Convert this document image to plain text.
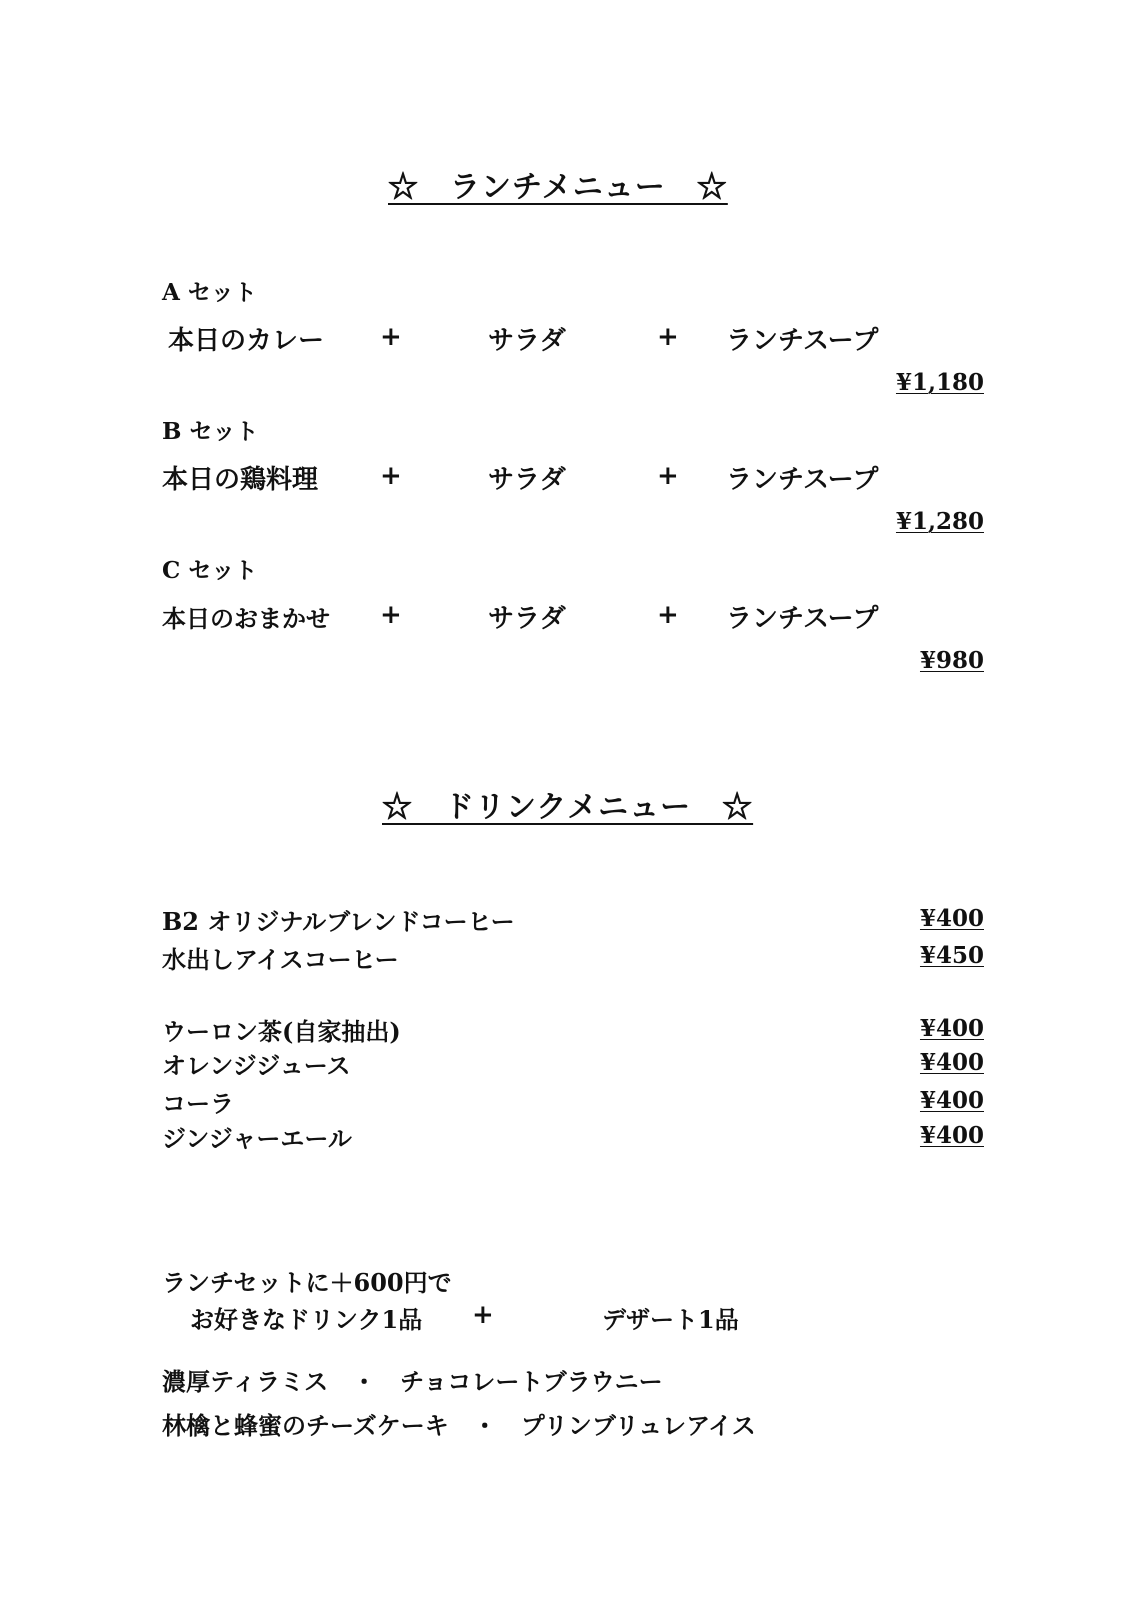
☆　ランチメニュー　☆
A セット
本日のカレー +	サラダ	+ ランチスープ
¥1,180
B セット
本日の鶏料理 +	サラダ	+ ランチスープ
¥1,280
C セット
本日のおまかせ +	サラダ	+ ランチスープ
¥980
☆　ドリンクメニュー　☆
B2 オリジナルブレンドコーヒー	¥400
水出しアイスコーヒー	¥450
ウーロン茶(自家抽出)	¥400
オレンジジュース	¥400
コーラ	¥400
ジンジャーエール	¥400
ランチセットに＋600円で
お好きなドリンク1品 +	デザート1品
濃厚ティラミス　・　チョコレートブラウニー
林檎と蜂蜜のチーズケーキ　・　プリンブリュレアイス
